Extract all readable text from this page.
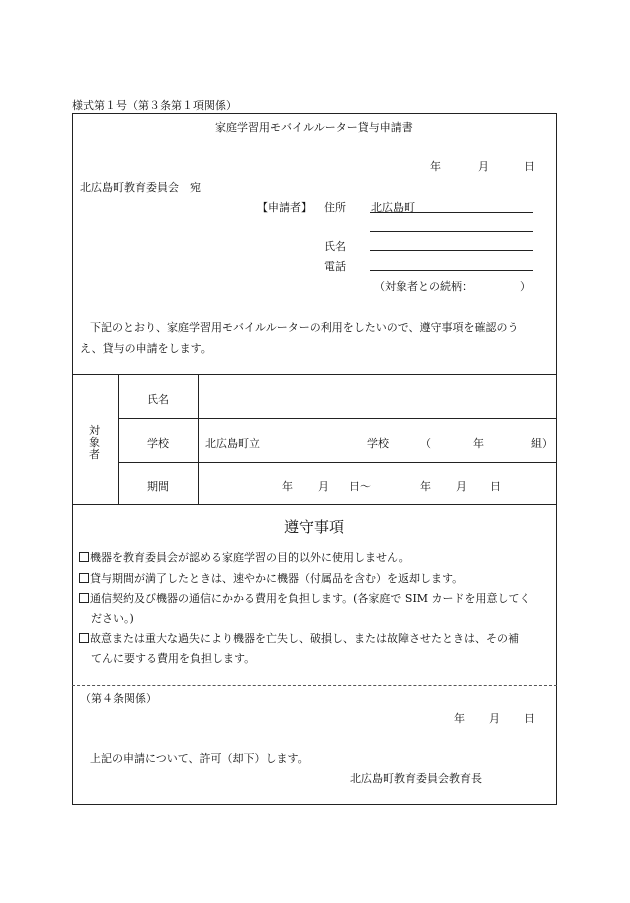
様式第１号（第３条第１項関係）
家庭学習用モバイルルーター貸与申請書
年	月	日
北広島町教育委員会　宛
【申請者】 住所 北広島町
氏名
電話
（対象者との続柄：	）
下記のとおり、家庭学習用モバイルルーターの利用をしたいので、遵守事項を確認のう
え、貸与の申請をします。
対
象
者
氏名
学校	北広島町立	学校	（	年	組）
期間	年 月 日～	年 月 日
遵守事項
機器を教育委員会が認める家庭学習の目的以外に使用しません。
貸与期間が満了したときは、速やかに機器（付属品を含む）を返却します。
通信契約及び機器の通信にかかる費用を負担します。(各家庭で SIM カードを用意してく
ださい。)
故意または重大な過失により機器を亡失し、破損し、または故障させたときは、その補
てんに要する費用を負担します。
（第４条関係）
年 月 日
上記の申請について、許可（却下）します。
北広島町教育委員会教育長
